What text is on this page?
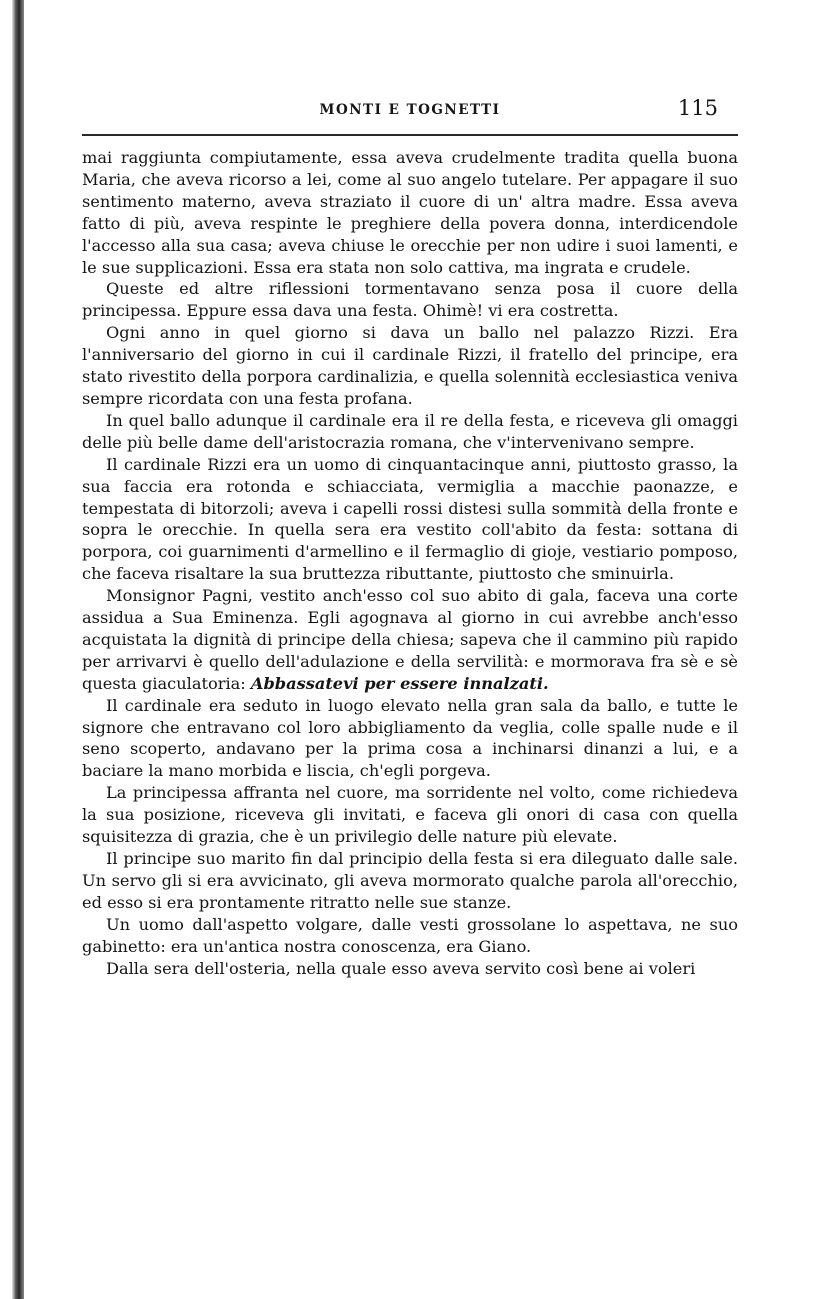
MONTI E TOGNETTI	115

mai raggiunta compiutamente, essa aveva crudelmente tradita quella buona Maria, che aveva ricorso a lei, come al suo angelo tutelare. Per appagare il suo sentimento materno, aveva straziato il cuore di un' altra madre. Essa aveva fatto di più, aveva respinte le preghiere della povera donna, interdicendole l'accesso alla sua casa; aveva chiuse le orecchie per non udire i suoi lamenti, e le sue supplicazioni. Essa era stata non solo cattiva, ma ingrata e crudele.

Queste ed altre riflessioni tormentavano senza posa il cuore della principessa. Eppure essa dava una festa. Ohimè! vi era costretta.

Ogni anno in quel giorno si dava un ballo nel palazzo Rizzi. Era l'anniversario del giorno in cui il cardinale Rizzi, il fratello del principe, era stato rivestito della porpora cardinalizia, e quella solennità ecclesiastica veniva sempre ricordata con una festa profana.

In quel ballo adunque il cardinale era il re della festa, e riceveva gli omaggi delle più belle dame dell'aristocrazia romana, che v'intervenivano sempre.

Il cardinale Rizzi era un uomo di cinquantacinque anni, piuttosto grasso, la sua faccia era rotonda e schiacciata, vermiglia a macchie paonazze, e tempestata di bitorzoli; aveva i capelli rossi distesi sulla sommità della fronte e sopra le orecchie. In quella sera era vestito coll'abito da festa: sottana di porpora, coi guarnimenti d'armellino e il fermaglio di gioje, vestiario pomposo, che faceva risaltare la sua bruttezza ributtante, piuttosto che sminuirla.

Monsignor Pagni, vestito anch'esso col suo abito di gala, faceva una corte assidua a Sua Eminenza. Egli agognava al giorno in cui avrebbe anch'esso acquistata la dignità di principe della chiesa; sapeva che il cammino più rapido per arrivarvi è quello dell'adulazione e della servilità: e mormorava fra sè e sè questa giaculatoria: Abbassatevi per essere innalzati.

Il cardinale era seduto in luogo elevato nella gran sala da ballo, e tutte le signore che entravano col loro abbigliamento da veglia, colle spalle nude e il seno scoperto, andavano per la prima cosa a inchinarsi dinanzi a lui, e a baciare la mano morbida e liscia, ch'egli porgeva.

La principessa affranta nel cuore, ma sorridente nel volto, come richiedeva la sua posizione, riceveva gli invitati, e faceva gli onori di casa con quella squisitezza di grazia, che è un privilegio delle nature più elevate.

Il principe suo marito fin dal principio della festa si era dileguato dalle sale. Un servo gli si era avvicinato, gli aveva mormorato qualche parola all'orecchio, ed esso si era prontamente ritratto nelle sue stanze.

Un uomo dall'aspetto volgare, dalle vesti grossolane lo aspettava, ne suo gabinetto: era un'antica nostra conoscenza, era Giano.

Dalla sera dell'osteria, nella quale esso aveva servito così bene ai voleri
